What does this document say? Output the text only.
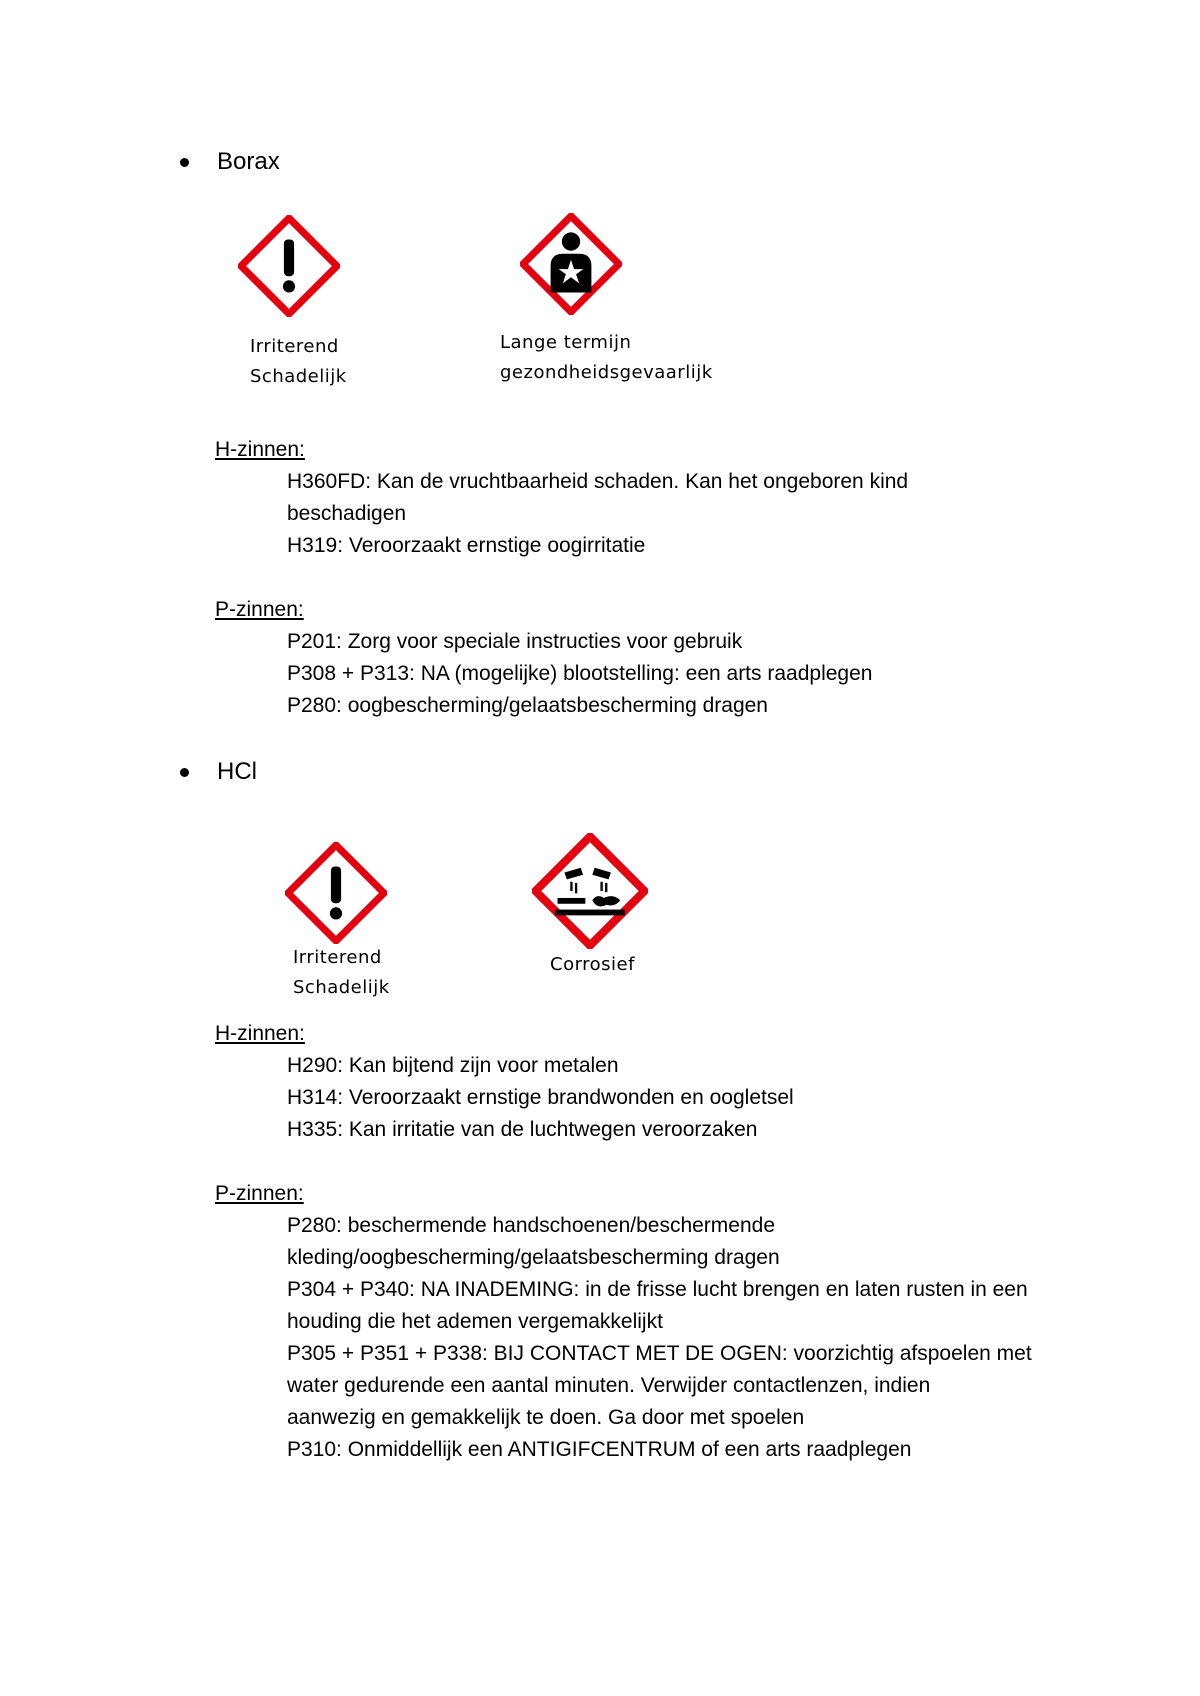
Borax
Irriterend
Schadelijk
Lange termijn
gezondheidsgevaarlijk
H-zinnen:
H360FD: Kan de vruchtbaarheid schaden. Kan het ongeboren kind
beschadigen
H319: Veroorzaakt ernstige oogirritatie
P-zinnen:
P201: Zorg voor speciale instructies voor gebruik
P308 + P313: NA (mogelijke) blootstelling: een arts raadplegen
P280: oogbescherming/gelaatsbescherming dragen
HCl
Irriterend
Schadelijk
Corrosief
H-zinnen:
H290: Kan bijtend zijn voor metalen
H314: Veroorzaakt ernstige brandwonden en oogletsel
H335: Kan irritatie van de luchtwegen veroorzaken
P-zinnen:
P280: beschermende handschoenen/beschermende
kleding/oogbescherming/gelaatsbescherming dragen
P304 + P340: NA INADEMING: in de frisse lucht brengen en laten rusten in een
houding die het ademen vergemakkelijkt
P305 + P351 + P338: BIJ CONTACT MET DE OGEN: voorzichtig afspoelen met
water gedurende een aantal minuten. Verwijder contactlenzen, indien
aanwezig en gemakkelijk te doen. Ga door met spoelen
P310: Onmiddellijk een ANTIGIFCENTRUM of een arts raadplegen
